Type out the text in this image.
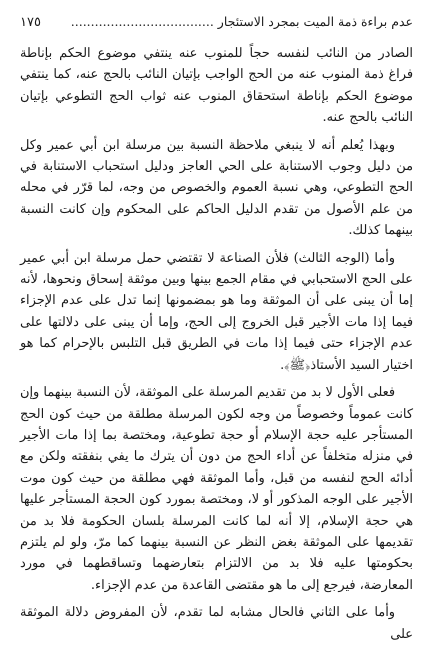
عدم براءة ذمة الميت بمجرد الاستئجار ....................................
١٧٥

الصادر من النائب لنفسه حجاً للمنوب عنه ينتفي موضوع الحكم بإناطة فراغ ذمة المنوب عنه من الحج الواجب بإتيان النائب بالحج عنه، كما ينتفي موضوع الحكم بإناطة استحقاق المنوب عنه ثواب الحج التطوعي بإتيان النائب بالحج عنه.

وبهذا يُعلم أنه لا ينبغي ملاحظة النسبة بين مرسلة ابن أبي عمير وكل من دليل وجوب الاستنابة على الحي العاجز ودليل استحباب الاستنابة في الحج التطوعي، وهي نسبة العموم والخصوص من وجه، لما قرّر في محله من علم الأصول من تقدم الدليل الحاكم على المحكوم وإن كانت النسبة بينهما كذلك.

وأما (الوجه الثالث) فلأن الصناعة لا تقتضي حمل مرسلة ابن أبي عمير على الحج الاستحبابي في مقام الجمع بينها وبين موثقة إسحاق ونحوها، لأنه إما أن يبنى على أن الموثقة وما هو بمضمونها إنما تدل على عدم الإجزاء فيما إذا مات الأجير قبل الخروج إلى الحج، وإما أن يبنى على دلالتها على عدم الإجزاء حتى فيما إذا مات في الطريق قبل التلبس بالإحرام كما هو اختيار السيد الأستاذ﴿ﷺ﴾.

فعلى الأول لا بد من تقديم المرسلة على الموثقة، لأن النسبة بينهما وإن كانت عموماً وخصوصاً من وجه لكون المرسلة مطلقة من حيث كون الحج المستأجر عليه حجة الإسلام أو حجة تطوعية، ومختصة بما إذا مات الأجير في منزله متخلفاً عن أداء الحج من دون أن يترك ما يفي بنفقته ولكن مع أدائه الحج لنفسه من قبل، وأما الموثقة فهي مطلقة من حيث كون موت الأجير على الوجه المذكور أو لا، ومختصة بمورد كون الحجة المستأجر عليها هي حجة الإسلام، إلا أنه لما كانت المرسلة بلسان الحكومة فلا بد من تقديمها على الموثقة بغض النظر عن النسبة بينهما كما مرّ، ولو لم يلتزم بحكومتها عليه فلا بد من الالتزام بتعارضهما وتساقطهما في مورد المعارضة، فيرجع إلى ما هو مقتضى القاعدة من عدم الإجزاء.

وأما على الثاني فالحال مشابه لما تقدم، لأن المفروض دلالة الموثقة على
